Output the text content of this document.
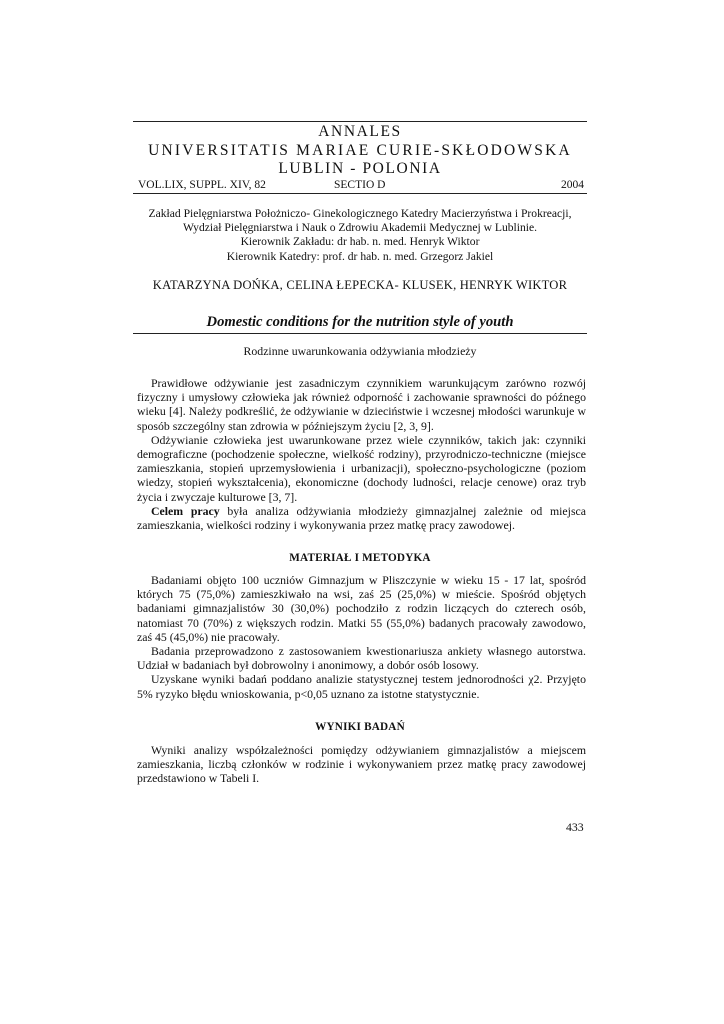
ANNALES
UNIVERSITATIS MARIAE CURIE-SKŁODOWSKA
LUBLIN - POLONIA
VOL.LIX, SUPPL. XIV, 82	SECTIO D	2004
Zakład Pielęgniarstwa Położniczo- Ginekologicznego Katedry Macierzyństwa i Prokreacji,
Wydział Pielęgniarstwa i Nauk o Zdrowiu Akademii Medycznej w Lublinie.
Kierownik Zakładu: dr hab. n. med. Henryk Wiktor
Kierownik Katedry: prof. dr hab. n. med. Grzegorz Jakiel
KATARZYNA DOŃKA, CELINA ŁEPECKA- KLUSEK, HENRYK WIKTOR
Domestic conditions for the nutrition style of youth
Rodzinne uwarunkowania odżywiania młodzieży

Prawidłowe odżywianie jest zasadniczym czynnikiem warunkującym zarówno rozwój fizyczny i umysłowy człowieka jak również odporność i zachowanie sprawności do późnego wieku [4]. Należy podkreślić, że odżywianie w dzieciństwie i wczesnej młodości warunkuje w sposób szczególny stan zdrowia w późniejszym życiu [2, 3, 9].

Odżywianie człowieka jest uwarunkowane przez wiele czynników, takich jak: czynniki demograficzne (pochodzenie społeczne, wielkość rodziny), przyrodniczo-techniczne (miejsce zamieszkania, stopień uprzemysłowienia i urbanizacji), społeczno-psychologiczne (poziom wiedzy, stopień wykształcenia), ekonomiczne (dochody ludności, relacje cenowe) oraz tryb życia i zwyczaje kulturowe [3, 7].

Celem pracy była analiza odżywiania młodzieży gimnazjalnej zależnie od miejsca zamieszkania, wielkości rodziny i wykonywania przez matkę pracy zawodowej.

MATERIAŁ I METODYKA

Badaniami objęto 100 uczniów Gimnazjum w Pliszczynie w wieku 15 - 17 lat, spośród których 75 (75,0%) zamieszkiwało na wsi, zaś 25 (25,0%) w mieście. Spośród objętych badaniami gimnazjalistów 30 (30,0%) pochodziło z rodzin liczących do czterech osób, natomiast 70 (70%) z większych rodzin. Matki 55 (55,0%) badanych pracowały zawodowo, zaś 45 (45,0%) nie pracowały.

Badania przeprowadzono z zastosowaniem kwestionariusza ankiety własnego autorstwa. Udział w badaniach był dobrowolny i anonimowy, a dobór osób losowy.

Uzyskane wyniki badań poddano analizie statystycznej testem jednorodności χ2. Przyjęto 5% ryzyko błędu wnioskowania, p<0,05 uznano za istotne statystycznie.

WYNIKI BADAŃ

Wyniki analizy współzależności pomiędzy odżywianiem gimnazjalistów a miejscem zamieszkania, liczbą członków w rodzinie i wykonywaniem przez matkę pracy zawodowej przedstawiono w Tabeli I.

433
